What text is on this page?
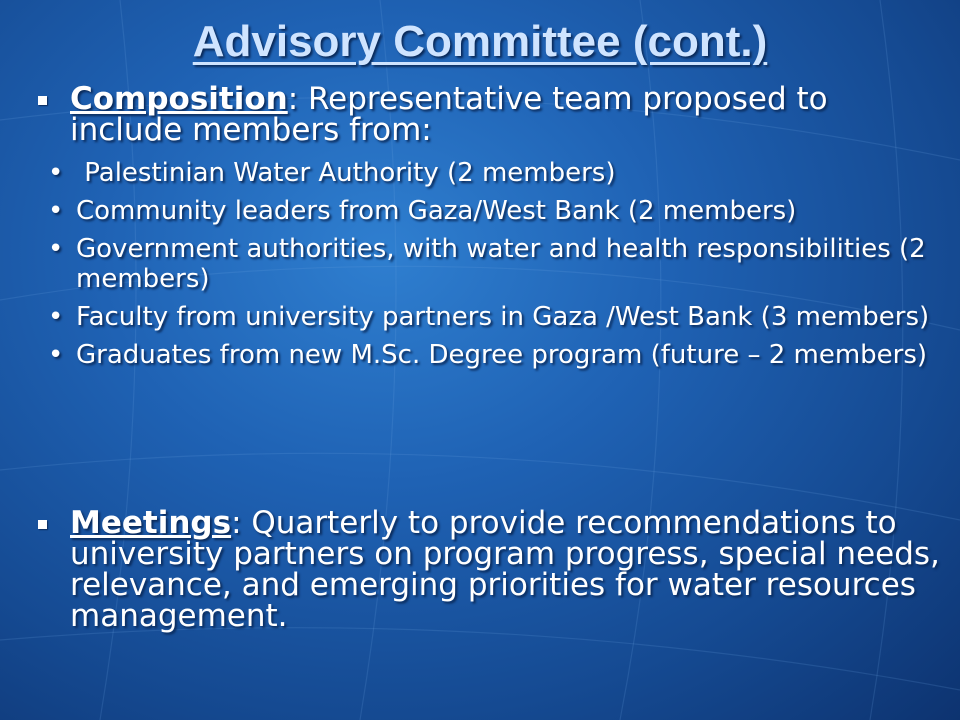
Advisory Committee (cont.)
Composition: Representative team proposed to include members from:
• Palestinian Water Authority (2 members)
• Community leaders from Gaza/West Bank (2 members)
• Government authorities, with water and health responsibilities (2 members)
• Faculty from university partners in Gaza /West Bank (3 members)
• Graduates from new M.Sc. Degree program (future – 2 members)
Meetings: Quarterly to provide recommendations to university partners on program progress, special needs, relevance, and emerging priorities for water resources management.
